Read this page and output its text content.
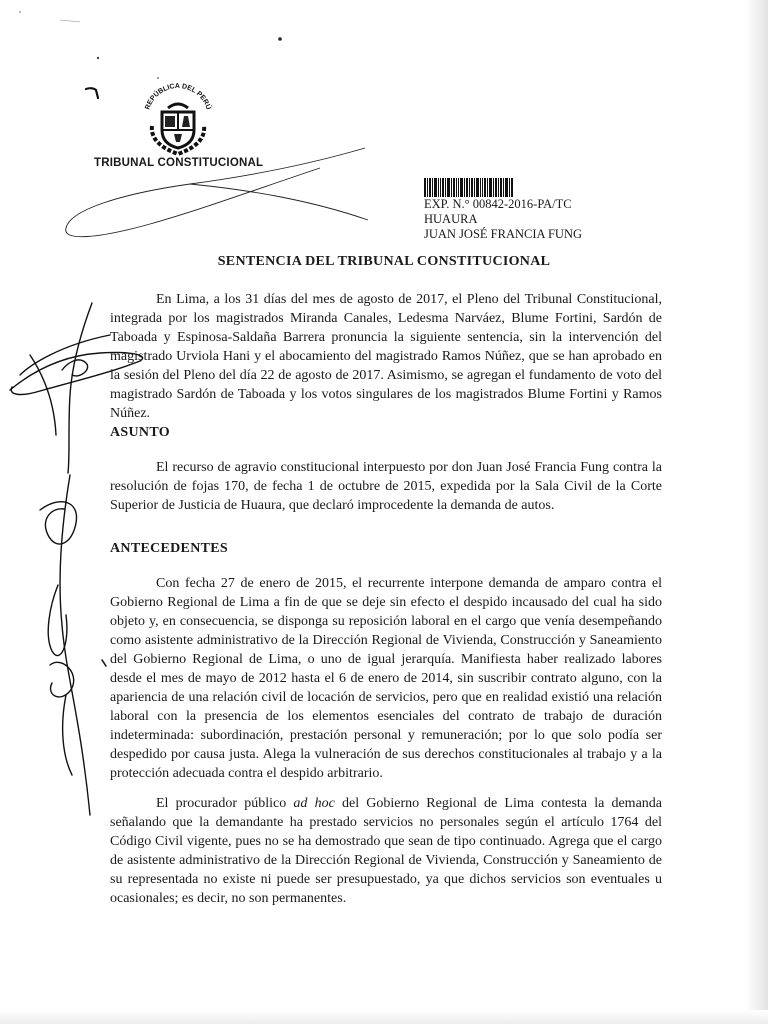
REPÚBLICA DEL PERÚ
TRIBUNAL CONSTITUCIONAL
EXP. N.° 00842-2016-PA/TC
HUAURA
JUAN JOSÉ FRANCIA FUNG
SENTENCIA DEL TRIBUNAL CONSTITUCIONAL

En Lima, a los 31 días del mes de agosto de 2017, el Pleno del Tribunal Constitucional, integrada por los magistrados Miranda Canales, Ledesma Narváez, Blume Fortini, Sardón de Taboada y Espinosa-Saldaña Barrera pronuncia la siguiente sentencia, sin la intervención del magistrado Urviola Hani y el abocamiento del magistrado Ramos Núñez, que se han aprobado en la sesión del Pleno del día 22 de agosto de 2017. Asimismo, se agregan el fundamento de voto del magistrado Sardón de Taboada y los votos singulares de los magistrados Blume Fortini y Ramos Núñez.

ASUNTO

El recurso de agravio constitucional interpuesto por don Juan José Francia Fung contra la resolución de fojas 170, de fecha 1 de octubre de 2015, expedida por la Sala Civil de la Corte Superior de Justicia de Huaura, que declaró improcedente la demanda de autos.

ANTECEDENTES

Con fecha 27 de enero de 2015, el recurrente interpone demanda de amparo contra el Gobierno Regional de Lima a fin de que se deje sin efecto el despido incausado del cual ha sido objeto y, en consecuencia, se disponga su reposición laboral en el cargo que venía desempeñando como asistente administrativo de la Dirección Regional de Vivienda, Construcción y Saneamiento del Gobierno Regional de Lima, o uno de igual jerarquía. Manifiesta haber realizado labores desde el mes de mayo de 2012 hasta el 6 de enero de 2014, sin suscribir contrato alguno, con la apariencia de una relación civil de locación de servicios, pero que en realidad existió una relación laboral con la presencia de los elementos esenciales del contrato de trabajo de duración indeterminada: subordinación, prestación personal y remuneración; por lo que solo podía ser despedido por causa justa. Alega la vulneración de sus derechos constitucionales al trabajo y a la protección adecuada contra el despido arbitrario.

El procurador público ad hoc del Gobierno Regional de Lima contesta la demanda señalando que la demandante ha prestado servicios no personales según el artículo 1764 del Código Civil vigente, pues no se ha demostrado que sean de tipo continuado. Agrega que el cargo de asistente administrativo de la Dirección Regional de Vivienda, Construcción y Saneamiento de su representada no existe ni puede ser presupuestado, ya que dichos servicios son eventuales u ocasionales; es decir, no son permanentes.
